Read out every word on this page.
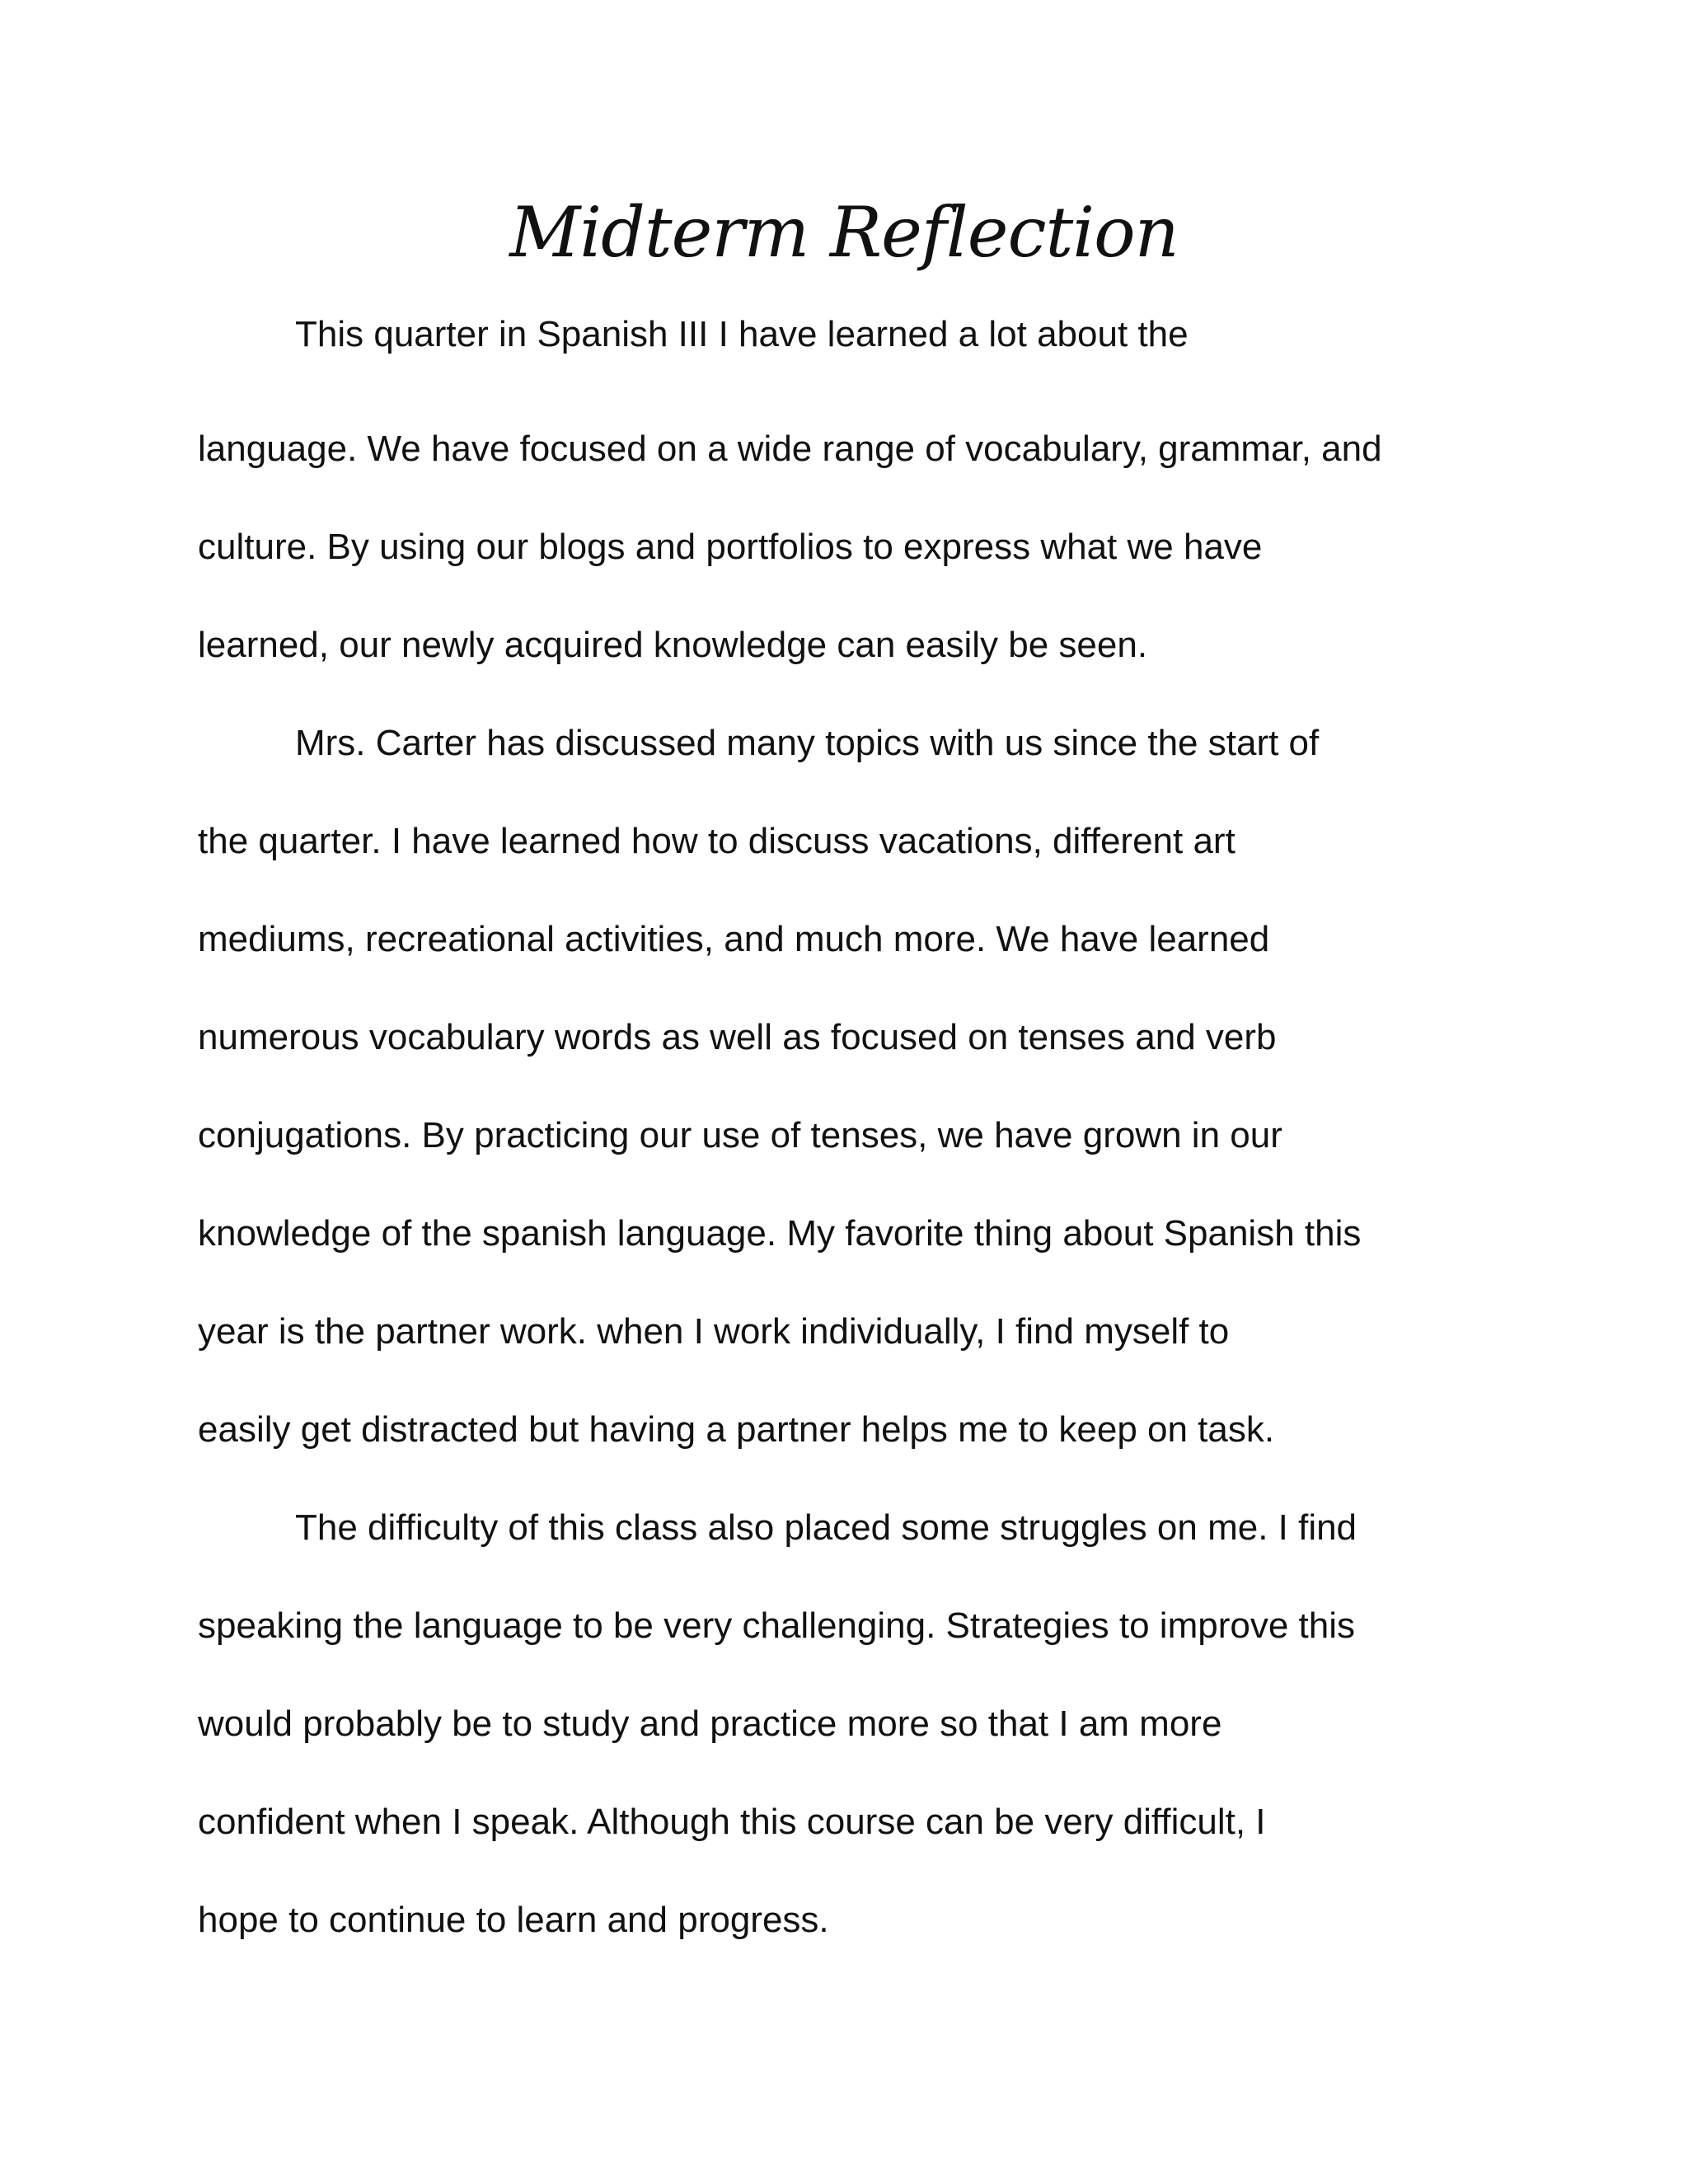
Midterm Reflection
This quarter in Spanish III I have learned a lot about the
language. We have focused on a wide range of vocabulary, grammar, and
culture. By using our blogs and portfolios to express what we have
learned, our newly acquired knowledge can easily be seen.
Mrs. Carter has discussed many topics with us since the start of
the quarter. I have learned how to discuss vacations, different art
mediums, recreational activities, and much more. We have learned
numerous vocabulary words as well as focused on tenses and verb
conjugations. By practicing our use of tenses, we have grown in our
knowledge of the spanish language. My favorite thing about Spanish this
year is the partner work. when I work individually, I find myself to
easily get distracted but having a partner helps me to keep on task.
The difficulty of this class also placed some struggles on me. I find
speaking the language to be very challenging. Strategies to improve this
would probably be to study and practice more so that I am more
confident when I speak. Although this course can be very difficult, I
hope to continue to learn and progress.
